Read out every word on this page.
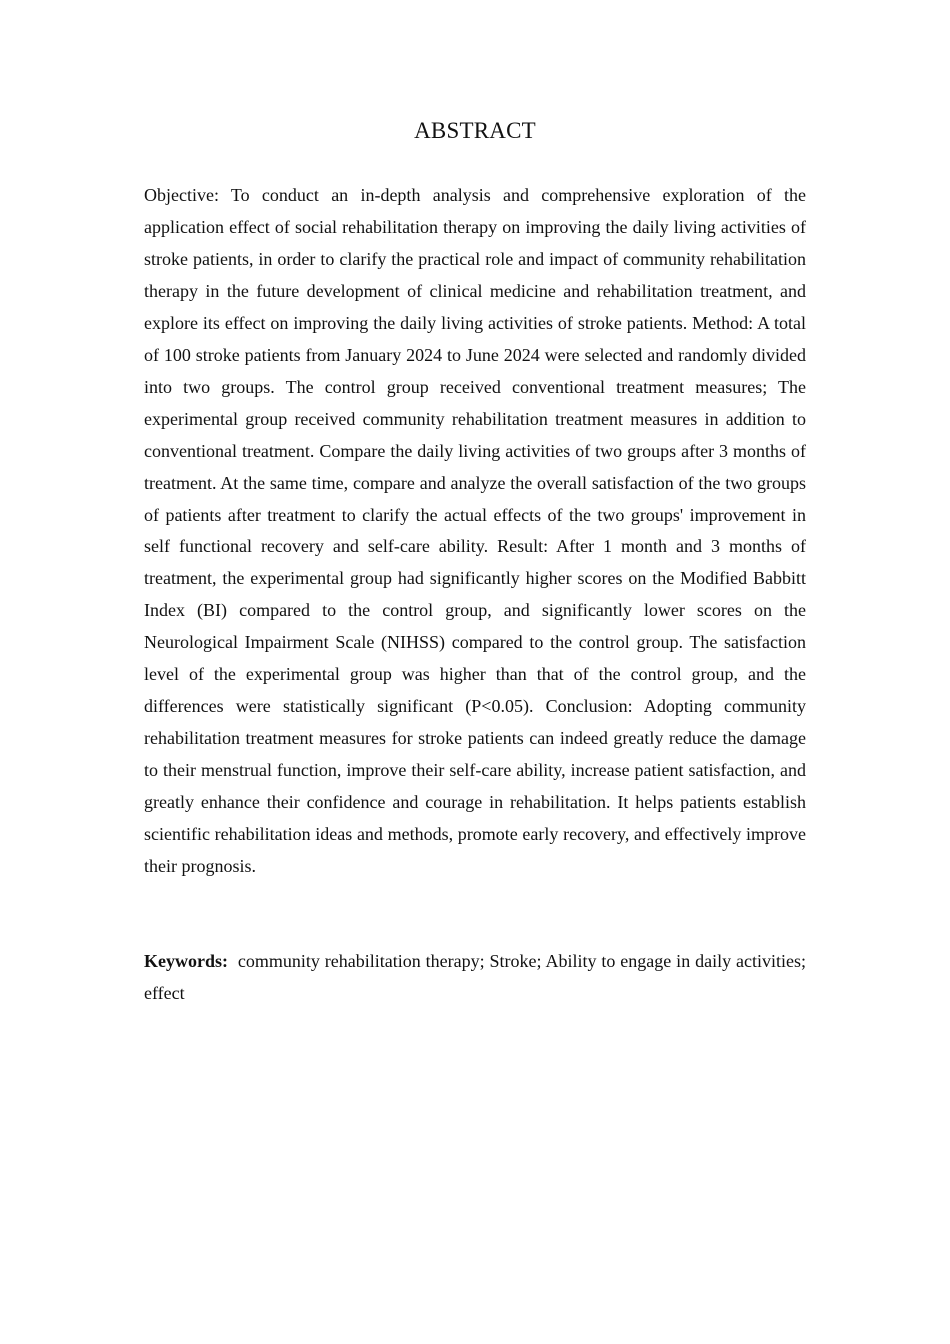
ABSTRACT

Objective: To conduct an in-depth analysis and comprehensive exploration of the application effect of social rehabilitation therapy on improving the daily living activities of stroke patients, in order to clarify the practical role and impact of community rehabilitation therapy in the future development of clinical medicine and rehabilitation treatment, and explore its effect on improving the daily living activities of stroke patients. Method: A total of 100 stroke patients from January 2024 to June 2024 were selected and randomly divided into two groups. The control group received conventional treatment measures; The experimental group received community rehabilitation treatment measures in addition to conventional treatment. Compare the daily living activities of two groups after 3 months of treatment. At the same time, compare and analyze the overall satisfaction of the two groups of patients after treatment to clarify the actual effects of the two groups' improvement in self functional recovery and self-care ability. Result: After 1 month and 3 months of treatment, the experimental group had significantly higher scores on the Modified Babbitt Index (BI) compared to the control group, and significantly lower scores on the Neurological Impairment Scale (NIHSS) compared to the control group. The satisfaction level of the experimental group was higher than that of the control group, and the differences were statistically significant (P<0.05). Conclusion: Adopting community rehabilitation treatment measures for stroke patients can indeed greatly reduce the damage to their menstrual function, improve their self-care ability, increase patient satisfaction, and greatly enhance their confidence and courage in rehabilitation. It helps patients establish scientific rehabilitation ideas and methods, promote early recovery, and effectively improve their prognosis.

Keywords: community rehabilitation therapy; Stroke; Ability to engage in daily activities; effect
